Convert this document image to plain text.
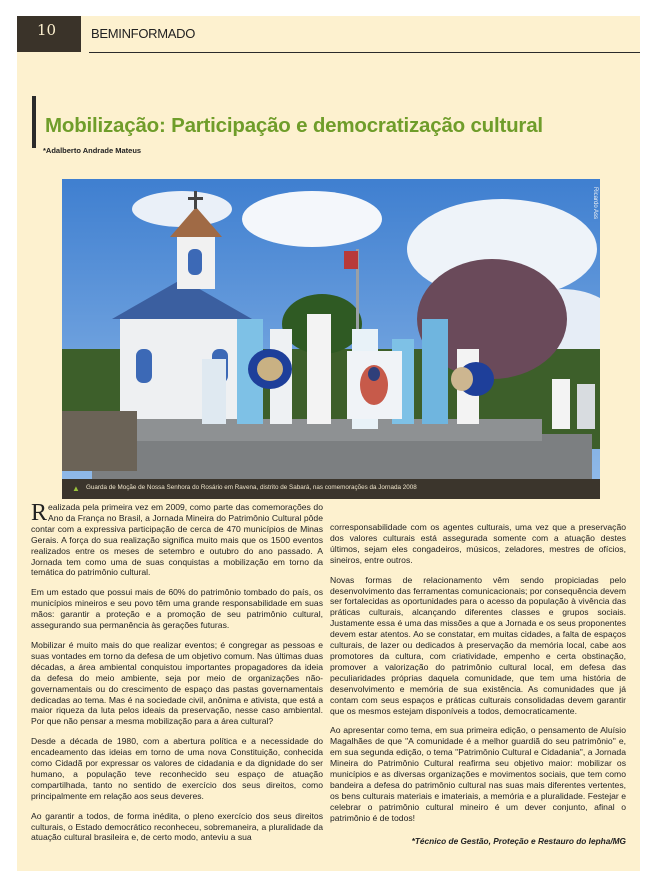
10	BEMINFORMADO
Mobilização: Participação e democratização cultural
*Adalberto Andrade Mateus
Ricardo Ass
▲ Guarda de Moçãe de Nossa Senhora do Rosário em Ravena, distrito de Sabará, nas comemorações da Jornada 2008

Realizada pela primeira vez em 2009, como parte das comemorações do Ano da França no Brasil, a Jornada Mineira do Patrimônio Cultural pôde contar com a expressiva participação de cerca de 470 municípios de Minas Gerais. A força do sua realização significa muito mais que os 1500 eventos realizados entre os meses de setembro e outubro do ano passado. A Jornada tem como uma de suas conquistas a mobilização em torno da temática do patrimônio cultural.

Em um estado que possui mais de 60% do patrimônio tombado do país, os municípios mineiros e seu povo têm uma grande responsabilidade em suas mãos: garantir a proteção e a promoção de seu patrimônio cultural, assegurando sua permanência às gerações futuras.

Mobilizar é muito mais do que realizar eventos; é congregar as pessoas e suas vontades em torno da defesa de um objetivo comum. Nas últimas duas décadas, a área ambiental conquistou importantes propagadores da ideia da defesa do meio ambiente, seja por meio de organizações não-governamentais ou do crescimento de espaço das pastas governamentais dedicadas ao tema. Mas é na sociedade civil, anônima e ativista, que está a maior riqueza da luta pelos ideais da preservação, nesse caso ambiental. Por que não pensar a mesma mobilização para a área cultural?

Desde a década de 1980, com a abertura política e a necessidade do encadeamento das ideias em torno de uma nova Constituição, conhecida como Cidadã por expressar os valores de cidadania e da dignidade do ser humano, a população teve reconhecido seu espaço de atuação compartilhada, tanto no sentido de exercício dos seus direitos, como principalmente em relação aos seus deveres.

Ao garantir a todos, de forma inédita, o pleno exercício dos seus direitos culturais, o Estado democrático reconheceu, sobremaneira, a pluralidade da atuação cultural brasileira e, de certo modo, anteviu a sua

corresponsabilidade com os agentes culturais, uma vez que a preservação dos valores culturais está assegurada somente com a atuação destes últimos, sejam eles congadeiros, músicos, zeladores, mestres de ofícios, sineiros, entre outros.

Novas formas de relacionamento vêm sendo propiciadas pelo desenvolvimento das ferramentas comunicacionais; por consequência devem ser fortalecidas as oportunidades para o acesso da população à vivência das práticas culturais, alcançando diferentes classes e grupos sociais. Justamente essa é uma das missões a que a Jornada e os seus proponentes devem estar atentos. Ao se constatar, em muitas cidades, a falta de espaços culturais, de lazer ou dedicados à preservação da memória local, cabe aos promotores da cultura, com criatividade, empenho e certa obstinação, promover a valorização do patrimônio cultural local, em defesa das peculiaridades próprias daquela comunidade, que tem uma história de desenvolvimento e memória de sua existência. As comunidades que já contam com seus espaços e práticas culturais consolidadas devem garantir que os mesmos estejam disponíveis a todos, democraticamente.

Ao apresentar como tema, em sua primeira edição, o pensamento de Aluísio Magalhães de que "A comunidade é a melhor guardiã do seu patrimônio" e, em sua segunda edição, o tema "Patrimônio Cultural e Cidadania", a Jornada Mineira do Patrimônio Cultural reafirma seu objetivo maior: mobilizar os municípios e as diversas organizações e movimentos sociais, que tem como bandeira a defesa do patrimônio cultural nas suas mais diferentes vertentes, os bens culturais materiais e imateriais, a memória e a pluralidade. Festejar e celebrar o patrimônio cultural mineiro é um dever conjunto, afinal o patrimônio é de todos!

*Técnico de Gestão, Proteção e Restauro do Iepha/MG
